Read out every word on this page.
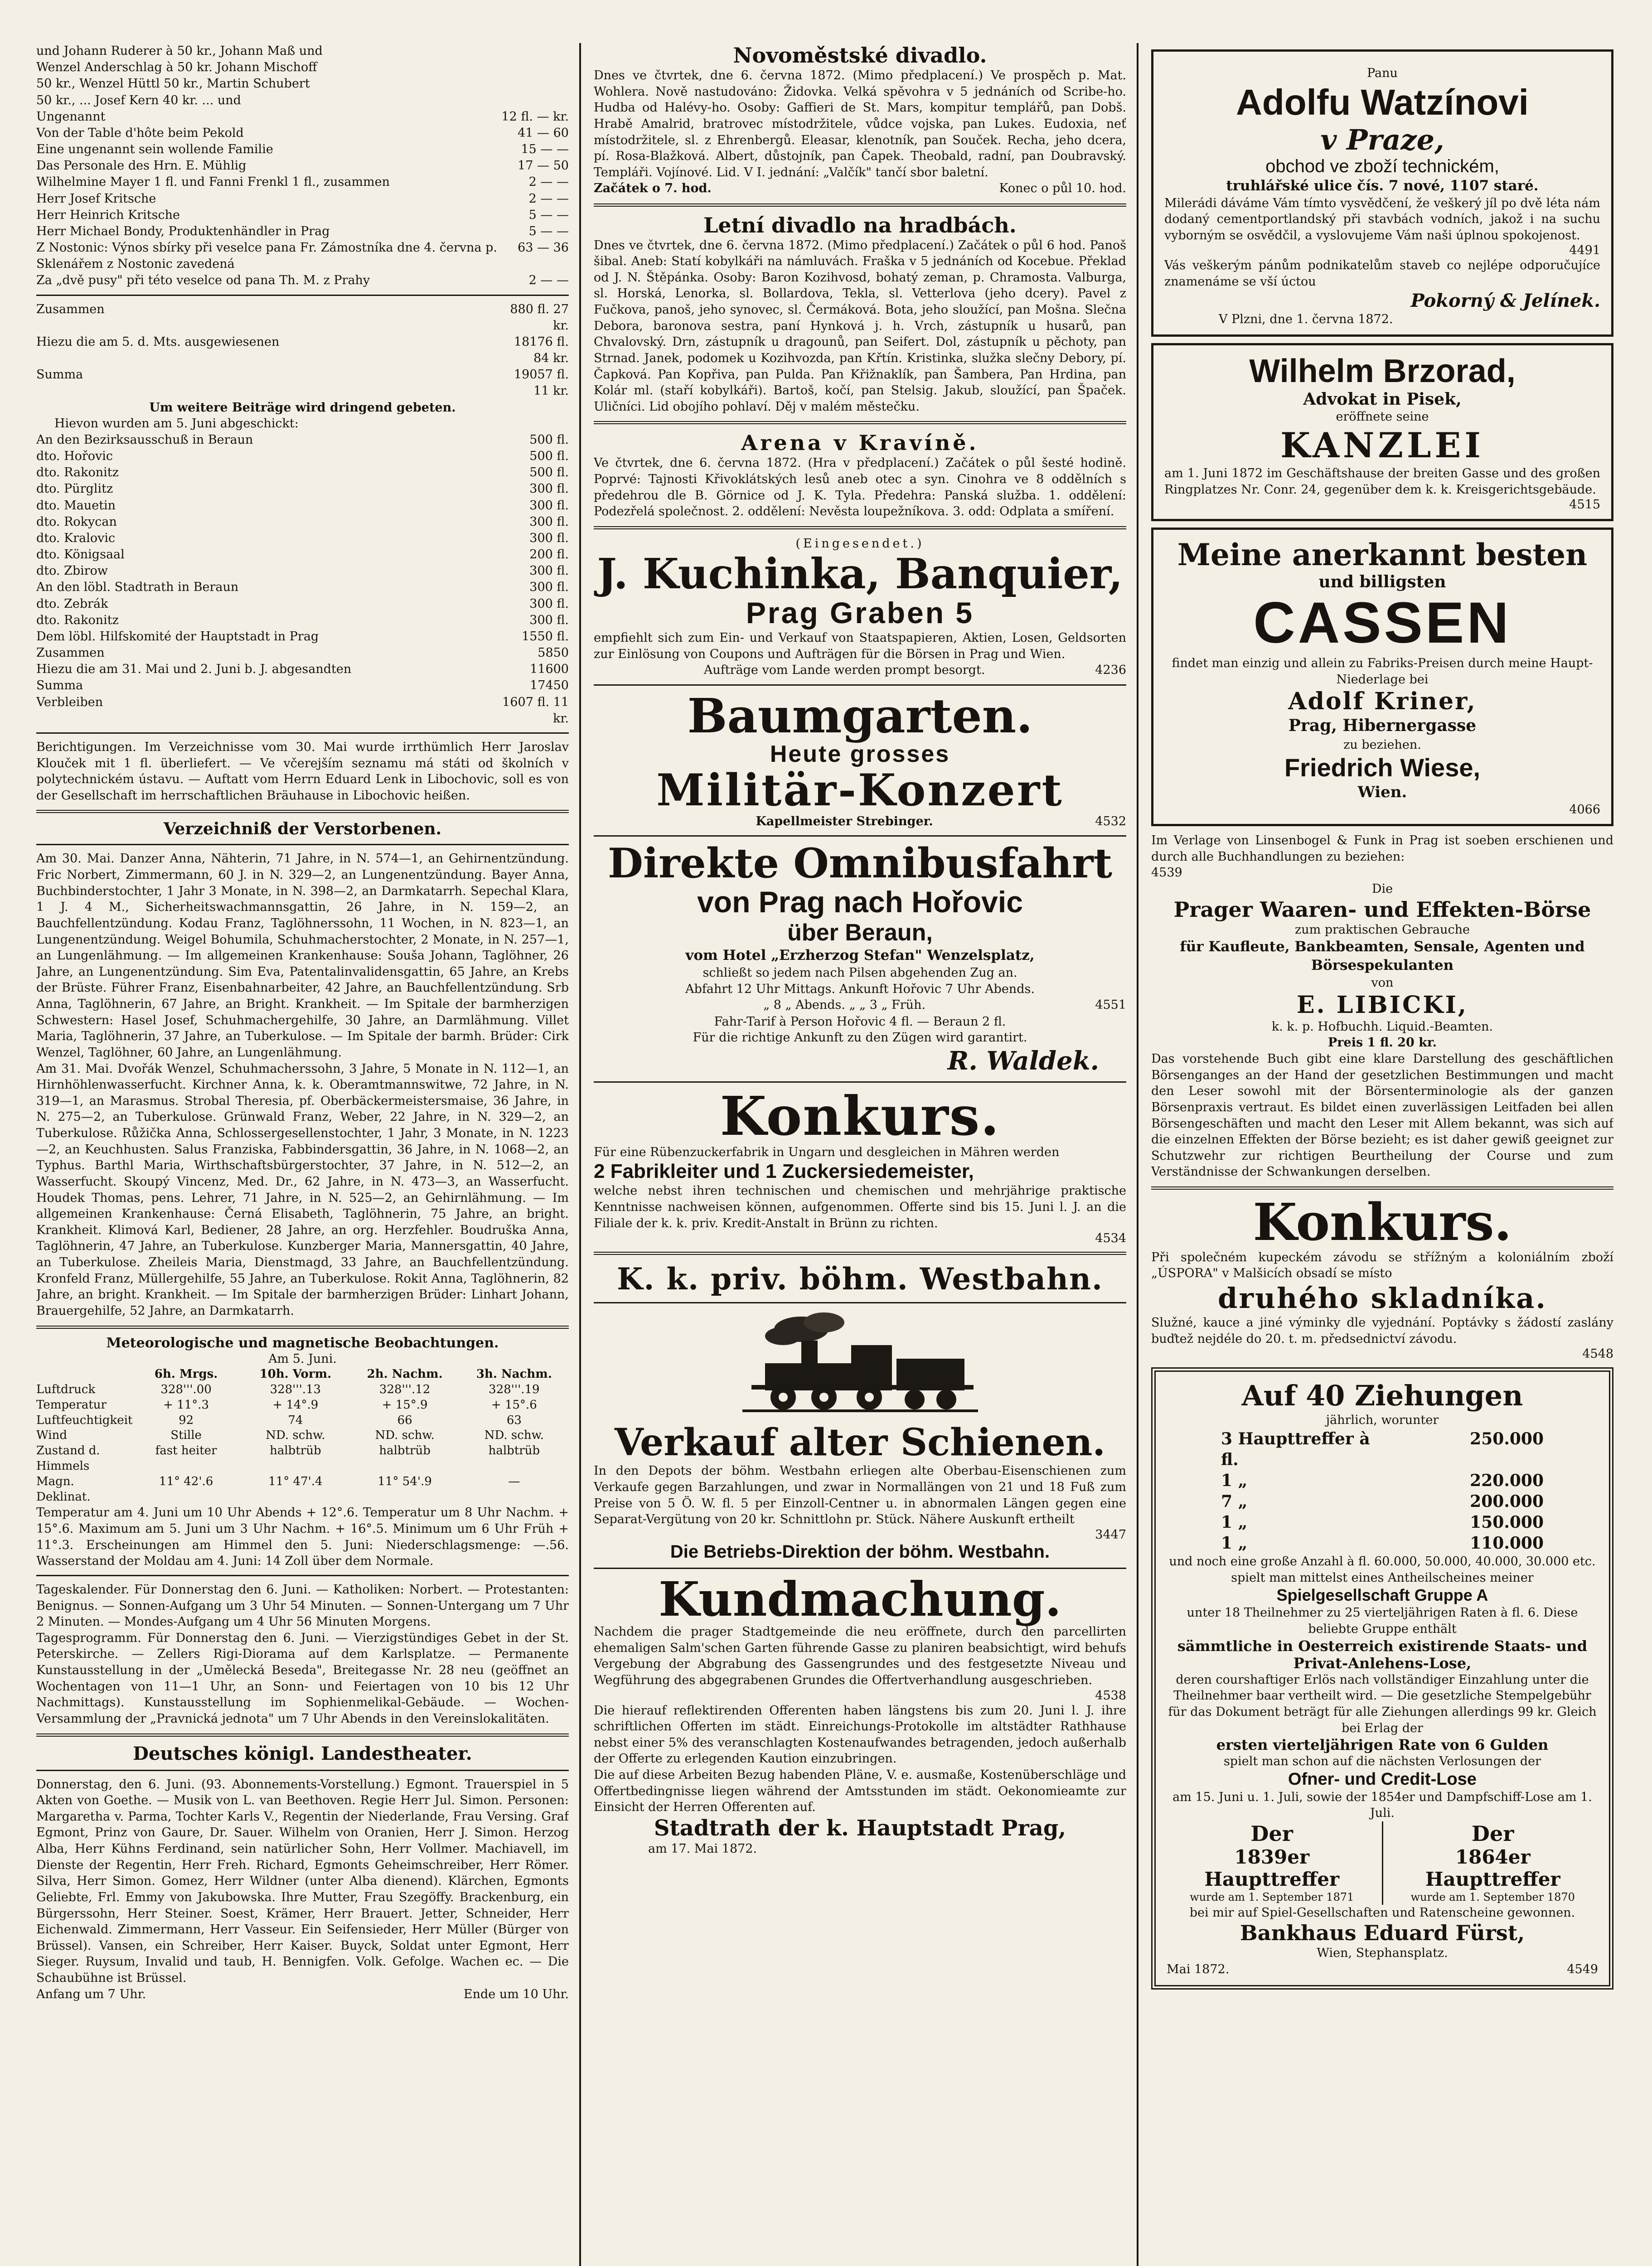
und Johann Ruderer à 50 kr., Johann Maß und
Wenzel Anderschlag à 50 kr. Johann Mischoff
50 kr., Wenzel Hüttl 50 kr., Martin Schubert
50 kr., ... Josef Kern 40 kr. ... und
Ungenannt	12 fl. — kr.
Von der Table d'hôte beim Pekold	41 — 60
Eine ungenannt sein wollende Familie	15 — —
Das Personale des Hrn. E. Mühlig	17 — 50
Wilhelmine Mayer 1 fl. und Fanni Frenkl 1 fl., zusammen	2 — —
Herr Josef Kritsche	2 — —
Herr Heinrich Kritsche	5 — —
Herr Michael Bondy, Produktenhändler in Prag	5 — —
Z Nostonic: Výnos sbírky při veselce pana Fr. Zámostníka dne 4. června p. Sklenářem z Nostonic zavedená
63 — 36
Za „dvě pusy" při této veselce od pana Th. M. z Prahy	2 — —
Zusammen	880 fl. 27 kr.
Hiezu die am 5. d. Mts. ausgewiesenen	18176 fl. 84 kr.
Summa	19057 fl. 11 kr.
Um weitere Beiträge wird dringend gebeten.
Hievon wurden am 5. Juni abgeschickt:
An den Bezirksausschuß in Beraun	500 fl.
dto. Hořovic	500 fl.
dto. Rakonitz	500 fl.
dto. Pürglitz	300 fl.
dto. Mauetin	300 fl.
dto. Rokycan	300 fl.
dto. Kralovic	300 fl.
dto. Königsaal	200 fl.
dto. Zbirow	300 fl.
An den löbl. Stadtrath in Beraun	300 fl.
dto. Zebrák	300 fl.
dto. Rakonitz	300 fl.
Dem löbl. Hilfskomité der Hauptstadt in Prag	1550 fl.
Zusammen	5850
Hiezu die am 31. Mai und 2. Juni b. J. abgesandten	11600
Summa	17450
Verbleiben	1607 fl. 11 kr.
Berichtigungen. Im Verzeichnisse vom 30. Mai wurde irrthümlich Herr Jaroslav Klouček mit 1 fl. überliefert. — Ve včerejším seznamu má státi od školních v polytechnickém ústavu. — Auftatt vom Herrn Eduard Lenk in Libochovic, soll es von der Gesellschaft im herrschaftlichen Bräuhause in Libochovic heißen.
Verzeichniß der Verstorbenen.
Am 30. Mai. Danzer Anna, Nähterin, 71 Jahre, in N. 574—1, an Gehirnentzündung. Fric Norbert, Zimmermann, 60 J. in N. 329—2, an Lungenentzündung. Bayer Anna, Buchbinderstochter, 1 Jahr 3 Monate, in N. 398—2, an Darmkatarrh. Sepechal Klara, 1 J. 4 M., Sicherheitswachmannsgattin, 26 Jahre, in N. 159—2, an Bauchfellentzündung. Kodau Franz, Taglöhnerssohn, 11 Wochen, in N. 823—1, an Lungenentzündung. Weigel Bohumila, Schuhmacherstochter, 2 Monate, in N. 257—1, an Lungenlähmung. — Im allgemeinen Krankenhause: Souša Johann, Taglöhner, 26 Jahre, an Lungenentzündung. Sim Eva, Patentalinvalidensgattin, 65 Jahre, an Krebs der Brüste. Führer Franz, Eisenbahnarbeiter, 42 Jahre, an Bauchfellentzündung. Srb Anna, Taglöhnerin, 67 Jahre, an Bright. Krankheit. — Im Spitale der barmherzigen Schwestern: Hasel Josef, Schuhmachergehilfe, 30 Jahre, an Darmlähmung. Villet Maria, Taglöhnerin, 37 Jahre, an Tuberkulose. — Im Spitale der barmh. Brüder: Cirk Wenzel, Taglöhner, 60 Jahre, an Lungenlähmung.
Am 31. Mai. Dvořák Wenzel, Schuhmacherssohn, 3 Jahre, 5 Monate in N. 112—1, an Hirnhöhlenwasserfucht. Kirchner Anna, k. k. Oberamtmannswitwe, 72 Jahre, in N. 319—1, an Marasmus. Strobal Theresia, pf. Oberbäckermeistersmaise, 36 Jahre, in N. 275—2, an Tuberkulose. Grünwald Franz, Weber, 22 Jahre, in N. 329—2, an Tuberkulose. Růžička Anna, Schlossergesellenstochter, 1 Jahr, 3 Monate, in N. 1223—2, an Keuchhusten. Salus Franziska, Fabbindersgattin, 36 Jahre, in N. 1068—2, an Typhus. Barthl Maria, Wirthschaftsbürgerstochter, 37 Jahre, in N. 512—2, an Wasserfucht. Skoupý Vincenz, Med. Dr., 62 Jahre, in N. 473—3, an Wasserfucht. Houdek Thomas, pens. Lehrer, 71 Jahre, in N. 525—2, an Gehirnlähmung. — Im allgemeinen Krankenhause: Černá Elisabeth, Taglöhnerin, 75 Jahre, an bright. Krankheit. Klimová Karl, Bediener, 28 Jahre, an org. Herzfehler. Boudruška Anna, Taglöhnerin, 47 Jahre, an Tuberkulose. Kunzberger Maria, Mannersgattin, 40 Jahre, an Tuberkulose. Zheileis Maria, Dienstmagd, 33 Jahre, an Bauchfellentzündung. Kronfeld Franz, Müllergehilfe, 55 Jahre, an Tuberkulose. Rokit Anna, Taglöhnerin, 82 Jahre, an bright. Krankheit. — Im Spitale der barmherzigen Brüder: Linhart Johann, Brauergehilfe, 52 Jahre, an Darmkatarrh.
Meteorologische und magnetische Beobachtungen.
Am 5. Juni.
6h. Mrgs.	10h. Vorm.	2h. Nachm.	3h. Nachm.
Luftdruck	328'''.00	328'''.13	328'''.12	328'''.19
Temperatur	+ 11°.3	+ 14°.9	+ 15°.9	+ 15°.6
Luftfeuchtigkeit	92	74	66	63
Wind	Stille	ND. schw.	ND. schw.	ND. schw.
Zustand d. Himmels
fast heiter	halbtrüb	halbtrüb	halbtrüb
Magn. Deklinat.
11° 42'.6	11° 47'.4	11° 54'.9	—
Temperatur am 4. Juni um 10 Uhr Abends + 12°.6. Temperatur um 8 Uhr Nachm. + 15°.6. Maximum am 5. Juni um 3 Uhr Nachm. + 16°.5. Minimum um 6 Uhr Früh + 11°.3. Erscheinungen am Himmel den 5. Juni: Niederschlagsmenge: —.56. Wasserstand der Moldau am 4. Juni: 14 Zoll über dem Normale.
Tageskalender. Für Donnerstag den 6. Juni. — Katholiken: Norbert. — Protestanten: Benignus. — Sonnen-Aufgang um 3 Uhr 54 Minuten. — Sonnen-Untergang um 7 Uhr 2 Minuten. — Mondes-Aufgang um 4 Uhr 56 Minuten Morgens.
Tagesprogramm. Für Donnerstag den 6. Juni. — Vierzigstündiges Gebet in der St. Peterskirche. — Zellers Rigi-Diorama auf dem Karlsplatze. — Permanente Kunstausstellung in der „Umělecká Beseda", Breitegasse Nr. 28 neu (geöffnet an Wochentagen von 11—1 Uhr, an Sonn- und Feiertagen von 10 bis 12 Uhr Nachmittags). Kunstausstellung im Sophienmelikal-Gebäude. — Wochen-Versammlung der „Pravnická jednota" um 7 Uhr Abends in den Vereinslokalitäten.
Deutsches königl. Landestheater.
Donnerstag, den 6. Juni. (93. Abonnements-Vorstellung.) Egmont. Trauerspiel in 5 Akten von Goethe. — Musik von L. van Beethoven. Regie Herr Jul. Simon. Personen: Margaretha v. Parma, Tochter Karls V., Regentin der Niederlande, Frau Versing. Graf Egmont, Prinz von Gaure, Dr. Sauer. Wilhelm von Oranien, Herr J. Simon. Herzog Alba, Herr Kühns Ferdinand, sein natürlicher Sohn, Herr Vollmer. Machiavell, im Dienste der Regentin, Herr Freh. Richard, Egmonts Geheimschreiber, Herr Römer. Silva, Herr Simon. Gomez, Herr Wildner (unter Alba dienend). Klärchen, Egmonts Geliebte, Frl. Emmy von Jakubowska. Ihre Mutter, Frau Szegöffy. Brackenburg, ein Bürgerssohn, Herr Steiner. Soest, Krämer, Herr Brauert. Jetter, Schneider, Herr Eichenwald. Zimmermann, Herr Vasseur. Ein Seifensieder, Herr Müller (Bürger von Brüssel). Vansen, ein Schreiber, Herr Kaiser. Buyck, Soldat unter Egmont, Herr Sieger. Ruysum, Invalid und taub, H. Bennigfen. Volk. Gefolge. Wachen ec. — Die Schaubühne ist Brüssel.
Anfang um 7 Uhr.	Ende um 10 Uhr.
Novoměstské divadlo.
Dnes ve čtvrtek, dne 6. června 1872. (Mimo předplacení.) Ve prospěch p. Mat. Wohlera. Nově nastudováno: Židovka. Velká spěvohra v 5 jednáních od Scribe-ho. Hudba od Halévy-ho. Osoby: Gaffieri de St. Mars, kompitur templářů, pan Dobš. Hrabě Amalrid, bratrovec místodržitele, vůdce vojska, pan Lukes. Eudoxia, neť místodržitele, sl. z Ehrenbergů. Eleasar, klenotník, pan Souček. Recha, jeho dcera, pí. Rosa-Blažková. Albert, důstojník, pan Čapek. Theobald, radní, pan Doubravský. Templáři. Vojínové. Lid. V I. jednání: „Valčík" tančí sbor baletní.
Začátek o 7. hod.	Konec o půl 10. hod.
Letní divadlo na hradbách.
Dnes ve čtvrtek, dne 6. června 1872. (Mimo předplacení.) Začátek o půl 6 hod. Panoš šibal. Aneb: Statí kobylkáři na námluvách. Fraška v 5 jednáních od Kocebue. Překlad od J. N. Štěpánka. Osoby: Baron Kozihvosd, bohatý zeman, p. Chramosta. Valburga, sl. Horská, Lenorka, sl. Bollardova, Tekla, sl. Vetterlova (jeho dcery). Pavel z Fučkova, panoš, jeho synovec, sl. Čermáková. Bota, jeho sloužící, pan Mošna. Slečna Debora, baronova sestra, paní Hynková j. h. Vrch, zástupník u husarů, pan Chvalovský. Drn, zástupník u dragounů, pan Seifert. Dol, zástupník u pěchoty, pan Strnad. Janek, podomek u Kozihvozda, pan Křtín. Kristinka, služka slečny Debory, pí. Čapková. Pan Kopřiva, pan Pulda. Pan Křižnaklík, pan Šambera, Pan Hrdina, pan Kolár ml. (staří kobylkáři). Bartoš, kočí, pan Stelsig. Jakub, sloužící, pan Špaček. Uličníci. Lid obojího pohlaví. Děj v malém městečku.
Arena v Kravíně.
Ve čtvrtek, dne 6. června 1872. (Hra v předplacení.) Začátek o půl šesté hodině. Poprvé: Tajnosti Křivoklátských lesů aneb otec a syn. Cinohra ve 8 oddělních s předehrou dle B. Görnice od J. K. Tyla. Předehra: Panská služba. 1. oddělení: Podezřelá společnost. 2. oddělení: Nevěsta loupežníkova. 3. odd: Odplata a smíření.
(Eingesendet.)
J. Kuchinka, Banquier,
Prag Graben 5
empfiehlt sich zum Ein- und Verkauf von Staatspapieren, Aktien, Losen, Geldsorten zur Einlösung von Coupons und Aufträgen für die Börsen in Prag und Wien.
Aufträge vom Lande werden prompt besorgt.	4236
Baumgarten.
Heute grosses
Militär-Konzert
Kapellmeister Strebinger.	4532
Direkte Omnibusfahrt
von Prag nach Hořovic
über Beraun,
vom Hotel „Erzherzog Stefan" Wenzelsplatz,
schließt so jedem nach Pilsen abgehenden Zug an.
Abfahrt 12 Uhr Mittags. Ankunft Hořovic 7 Uhr Abends.
„ 8 „ Abends. „ „ 3 „ Früh.	4551
Fahr-Tarif à Person Hořovic 4 fl. — Beraun 2 fl.
Für die richtige Ankunft zu den Zügen wird garantirt.
R. Waldek.
Konkurs.
Für eine Rübenzuckerfabrik in Ungarn und desgleichen in Mähren werden
2 Fabrikleiter und 1 Zuckersiedemeister,
welche nebst ihren technischen und chemischen und mehrjährige praktische Kenntnisse nachweisen können, aufgenommen. Offerte sind bis 15. Juni l. J. an die Filiale der k. k. priv. Kredit-Anstalt in Brünn zu richten.
4534
K. k. priv. böhm. Westbahn.
Verkauf alter Schienen.
In den Depots der böhm. Westbahn erliegen alte Oberbau-Eisenschienen zum Verkaufe gegen Barzahlungen, und zwar in Normallängen von 21 und 18 Fuß zum Preise von 5 Ö. W. fl. 5 per Einzoll-Centner u. in abnormalen Längen gegen eine Separat-Vergütung von 20 kr. Schnittlohn pr. Stück. Nähere Auskunft ertheilt
3447
Die Betriebs-Direktion der böhm. Westbahn.
Kundmachung.
Nachdem die prager Stadtgemeinde die neu eröffnete, durch den parcellirten ehemaligen Salm'schen Garten führende Gasse zu planiren beabsichtigt, wird behufs Vergebung der Abgrabung des Gassengrundes und des festgesetzte Niveau und Wegführung des abgegrabenen Grundes die Offertverhandlung ausgeschrieben.
4538
Die hierauf reflektirenden Offerenten haben längstens bis zum 20. Juni l. J. ihre schriftlichen Offerten im städt. Einreichungs-Protokolle im altstädter Rathhause nebst einer 5% des veranschlagten Kostenaufwandes betragenden, jedoch außerhalb der Offerte zu erlegenden Kaution einzubringen.
Die auf diese Arbeiten Bezug habenden Pläne, V. e. ausmaße, Kostenüberschläge und Offertbedingnisse liegen während der Amtsstunden im städt. Oekonomieamte zur Einsicht der Herren Offerenten auf.
Stadtrath der k. Hauptstadt Prag,
am 17. Mai 1872.
Panu
Adolfu Watzínovi
v Praze,
obchod ve zboží technickém,
truhlářské ulice čís. 7 nové, 1107 staré.
Milerádi dáváme Vám tímto vysvědčení, že veškerý jíl po dvě léta nám dodaný cementportlandský při stavbách vodních, jakož i na suchu vyborným se osvědčil, a vyslovujeme Vám naši úplnou spokojenost.
4491
Vás veškerým pánům podnikatelům staveb co nejlépe odporučujíce znamenáme se vší úctou
Pokorný & Jelínek.
V Plzni, dne 1. června 1872.
Wilhelm Brzorad,
Advokat in Pisek,
eröffnete seine
KANZLEI
am 1. Juni 1872 im Geschäftshause der breiten Gasse und des großen Ringplatzes Nr. Conr. 24, gegenüber dem k. k. Kreisgerichtsgebäude.
4515
Meine anerkannt besten
und billigsten
CASSEN
findet man einzig und allein zu Fabriks-Preisen durch meine Haupt-Niederlage bei
Adolf Kriner,
Prag, Hibernergasse
zu beziehen.
Friedrich Wiese,
Wien.
4066
Im Verlage von Linsenbogel & Funk in Prag ist soeben erschienen und durch alle Buchhandlungen zu beziehen:
4539
Die
Prager Waaren- und Effekten-Börse
zum praktischen Gebrauche
für Kaufleute, Bankbeamten, Sensale, Agenten und Börsespekulanten
von
E. LIBICKI,
k. k. p. Hofbuchh. Liquid.-Beamten.
Preis 1 fl. 20 kr.
Das vorstehende Buch gibt eine klare Darstellung des geschäftlichen Börsenganges an der Hand der gesetzlichen Bestimmungen und macht den Leser sowohl mit der Börsenterminologie als der ganzen Börsenpraxis vertraut. Es bildet einen zuverlässigen Leitfaden bei allen Börsengeschäften und macht den Leser mit Allem bekannt, was sich auf die einzelnen Effekten der Börse bezieht; es ist daher gewiß geeignet zur Schutzwehr zur richtigen Beurtheilung der Course und zum Verständnisse der Schwankungen derselben.
Konkurs.
Při společném kupeckém závodu se střížným a koloniálním zboží „ÚSPORA" v Malšicích obsadí se místo
druhého skladníka.
Služné, kauce a jiné výminky dle vyjednání. Poptávky s žádostí zaslány buďtež nejdéle do 20. t. m. předsednictví závodu.
4548
Auf 40 Ziehungen
jährlich, worunter
3 Haupttreffer à fl.
250.000
1 „	220.000
7 „	200.000
1 „	150.000
1 „	110.000
und noch eine große Anzahl à fl. 60.000, 50.000, 40.000, 30.000 etc. spielt man mittelst eines Antheilscheines meiner
Spielgesellschaft Gruppe A
unter 18 Theilnehmer zu 25 vierteljährigen Raten à fl. 6. Diese beliebte Gruppe enthält
sämmtliche in Oesterreich existirende Staats- und Privat-Anlehens-Lose,
deren courshaftiger Erlös nach vollständiger Einzahlung unter die Theilnehmer baar vertheilt wird. — Die gesetzliche Stempelgebühr für das Dokument beträgt für alle Ziehungen allerdings 99 kr. Gleich bei Erlag der
ersten vierteljährigen Rate von 6 Gulden
spielt man schon auf die nächsten Verlosungen der
Ofner- und Credit-Lose
am 15. Juni u. 1. Juli, sowie der 1854er und Dampfschiff-Lose am 1. Juli.
Der
1839er Haupttreffer
wurde am 1. September 1871
Der
1864er Haupttreffer
wurde am 1. September 1870
bei mir auf Spiel-Gesellschaften und Ratenscheine gewonnen.
Bankhaus Eduard Fürst,
Wien, Stephansplatz.
Mai 1872.	4549
